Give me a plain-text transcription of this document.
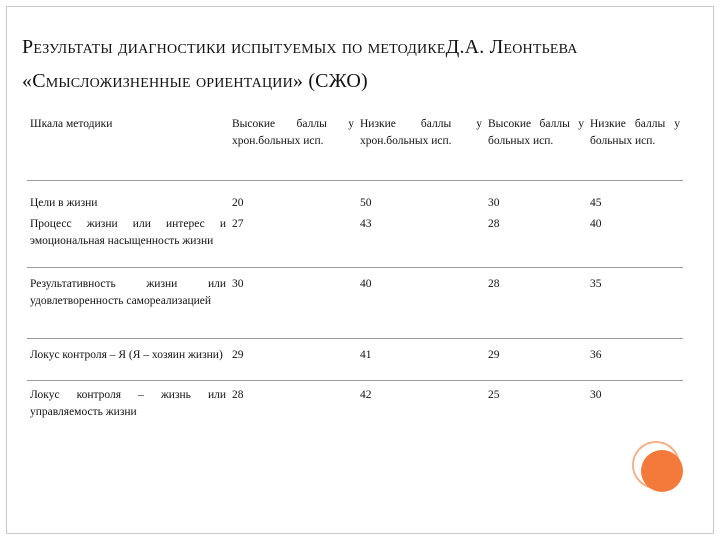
Результаты диагностики испытуемых по методикеД.А. Леонтьева «Смысложизненные ориентации» (СЖО)
Шкала методики	Высокие баллы у хрон.больных исп.	Низкие баллы у хрон.больных исп.	Высокие баллы у больных исп.	Низкие баллы у больных исп.
Цели в жизни	20	50	30	45
Процесс жизни или интерес и эмоциональная насыщенность жизни	27	43	28	40
Результативность жизни или удовлетворенность самореализацией	30	40	28	35
Локус контроля – Я (Я – хозяин жизни)	29	41	29	36
Локус контроля – жизнь или управляемость жизни	28	42	25	30
